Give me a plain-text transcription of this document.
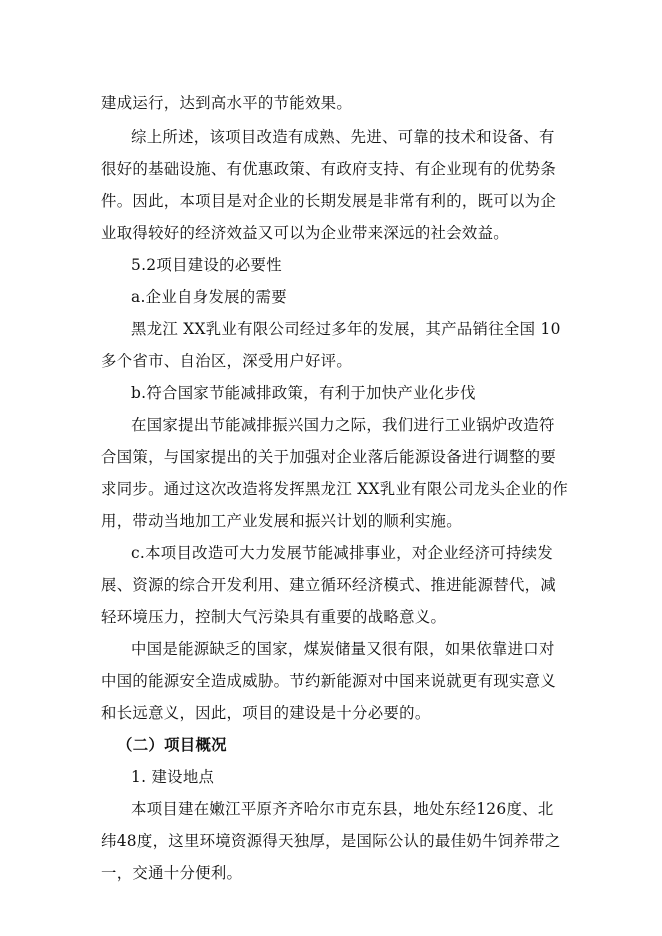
建成运行，达到高水平的节能效果。
综上所述，该项目改造有成熟、先进、可靠的技术和设备、有
很好的基础设施、有优惠政策、有政府支持、有企业现有的优势条
件。因此，本项目是对企业的长期发展是非常有利的，既可以为企
业取得较好的经济效益又可以为企业带来深远的社会效益。
5.2项目建设的必要性
a.企业自身发展的需要
黑龙江 XX乳业有限公司经过多年的发展，其产品销往全国 10
多个省市、自治区，深受用户好评。
b.符合国家节能减排政策，有利于加快产业化步伐
在国家提出节能减排振兴国力之际，我们进行工业锅炉改造符
合国策，与国家提出的关于加强对企业落后能源设备进行调整的要
求同步。通过这次改造将发挥黑龙江 XX乳业有限公司龙头企业的作
用，带动当地加工产业发展和振兴计划的顺利实施。
c.本项目改造可大力发展节能减排事业，对企业经济可持续发
展、资源的综合开发利用、建立循环经济模式、推进能源替代，减
轻环境压力，控制大气污染具有重要的战略意义。
中国是能源缺乏的国家，煤炭储量又很有限，如果依靠进口对
中国的能源安全造成威胁。节约新能源对中国来说就更有现实意义
和长远意义，因此，项目的建设是十分必要的。
（二）项目概况
1. 建设地点
本项目建在嫩江平原齐齐哈尔市克东县，地处东经126度、北
纬48度，这里环境资源得天独厚，是国际公认的最佳奶牛饲养带之
一，交通十分便利。
